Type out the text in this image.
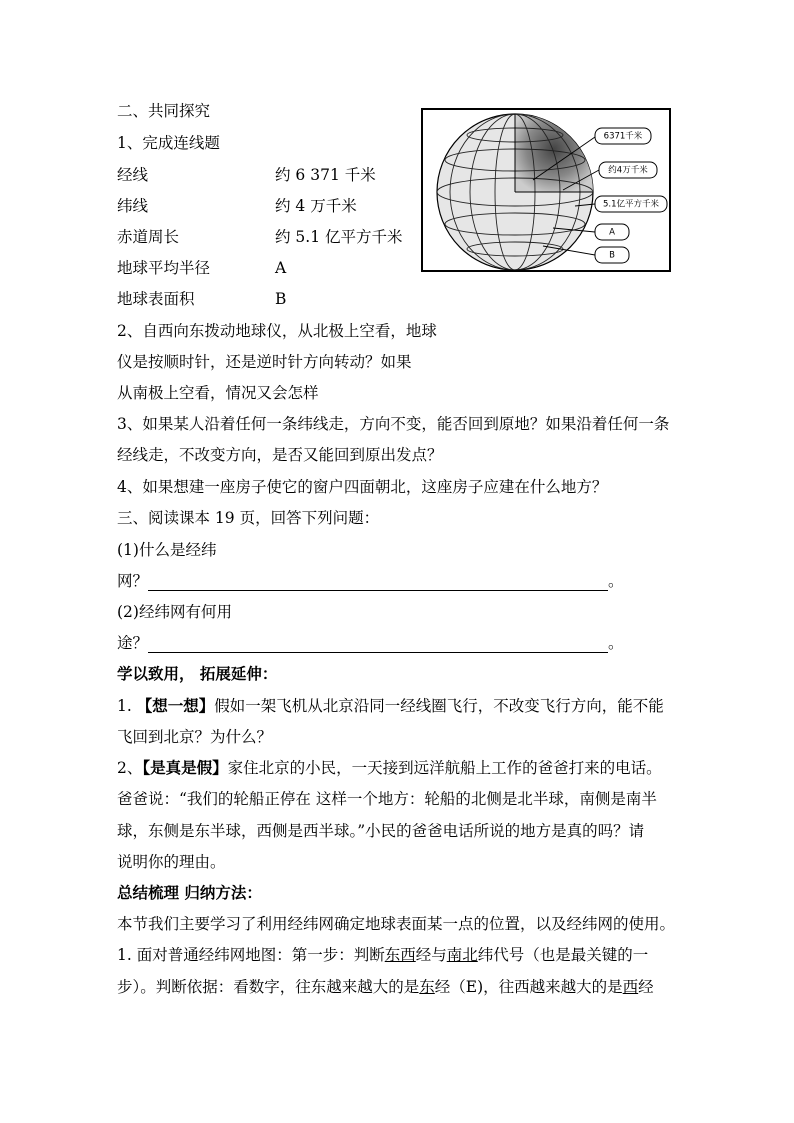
二、共同探究
1、完成连线题
经线	约 6 371 千米
纬线	约 4 万千米
赤道周长	约 5.1 亿平方千米
地球平均半径	A
地球表面积	B
2、自西向东拨动地球仪，从北极上空看，地球
仪是按顺时针，还是逆时针方向转动？如果
从南极上空看，情况又会怎样
3、如果某人沿着任何一条纬线走，方向不变，能否回到原地？如果沿着任何一条
经线走，不改变方向，是否又能回到原出发点？
4、如果想建一座房子使它的窗户四面朝北，这座房子应建在什么地方？
6371千米
约4万千米
5.1亿平方千米
A
B
三、阅读课本 19 页，回答下列问题：
(1)什么是经纬
网？	。
(2)经纬网有何用
途？	。
学以致用， 拓展延伸：
1. 【想一想】假如一架飞机从北京沿同一经线圈飞行，不改变飞行方向，能不能
飞回到北京？为什么？
2、【是真是假】家住北京的小民，一天接到远洋航船上工作的爸爸打来的电话。
爸爸说：“我们的轮船正停在 这样一个地方：轮船的北侧是北半球，南侧是南半
球，东侧是东半球，西侧是西半球。”小民的爸爸电话所说的地方是真的吗？请
说明你的理由。
总结梳理 归纳方法：
本节我们主要学习了利用经纬网确定地球表面某一点的位置，以及经纬网的使用。
1. 面对普通经纬网地图：第一步：判断东西经与南北纬代号（也是最关键的一
步）。判断依据：看数字，往东越来越大的是东经（E)，往西越来越大的是西经
